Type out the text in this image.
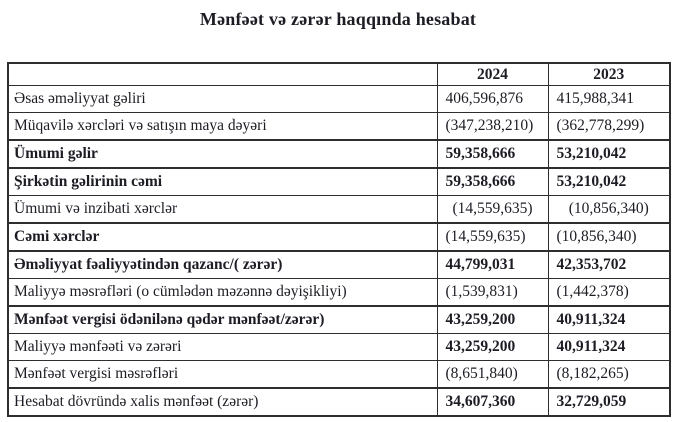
Mənfəət və zərər haqqında hesabat
	2024	2023
Əsas əməliyyat gəliri	406,596,876	415,988,341
Müqavilə xərcləri və satışın maya dəyəri	(347,238,210)	(362,778,299)
Ümumi gəlir	59,358,666	53,210,042
Şirkətin gəlirinin cəmi	59,358,666	53,210,042
Ümumi və inzibati xərclər	(14,559,635)	(10,856,340)
Cəmi xərclər	(14,559,635)	(10,856,340)
Əməliyyat fəaliyyətindən qazanc/( zərər)	44,799,031	42,353,702
Maliyyə məsrəfləri (o cümlədən məzənnə dəyişikliyi)	(1,539,831)	(1,442,378)
Mənfəət vergisi ödənilənə qədər mənfəət/zərər)	43,259,200	40,911,324
Maliyyə mənfəəti və zərəri	43,259,200	40,911,324
Mənfəət vergisi məsrəfləri	(8,651,840)	(8,182,265)
Hesabat dövründə xalis mənfəət (zərər)	34,607,360	32,729,059
